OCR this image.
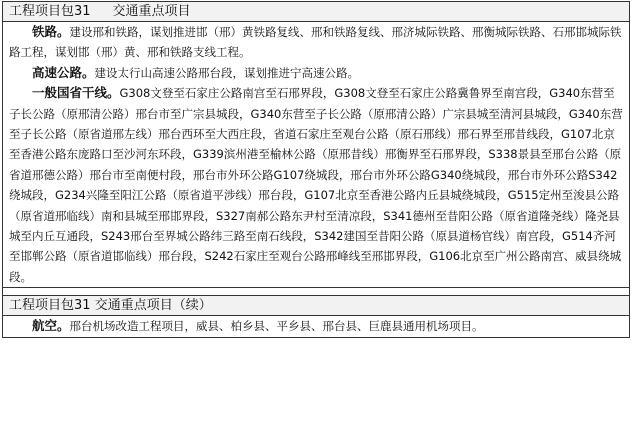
工程项目包31 交通重点项目

铁路。建设邢和铁路，谋划推进邯（邢）黄铁路复线、邢和铁路复线、邢济城际铁路、邢衡城际铁路、石邢邯城际铁路工程，谋划邯（邢）黄、邢和铁路支线工程。

高速公路。建设太行山高速公路邢台段，谋划推进宁高速公路。

一般国省干线。G308文登至石家庄公路南宫至石邢界段，G308文登至石家庄公路冀鲁界至南宫段，G340东营至子长公路（原邢清公路）邢台市至广宗县城段，G340东营至子长公路（原邢清公路）广宗县城至清河县城段，G340东营至子长公路（原省道邢左线）邢台西环至大西庄段，省道石家庄至观台公路（原石邢线）邢石界至邢昔线段，G107北京至香港公路东庞路口至沙河东环段，G339滨州港至榆林公路（原邢昔线）邢衡界至石邢界段，S338景县至邢台公路（原省道邢德公路）邢台市至南便村段，邢台市外环公路G107绕城段，邢台市外环公路G340绕城段，邢台市外环公路S342绕城段，G234兴隆至阳江公路（原省道平涉线）邢台段，G107北京至香港公路内丘县城绕城段，G515定州至浚县公路（原省道邢临线）南和县城至邢邯界段，S327南郝公路东尹村至清凉段，S341德州至昔阳公路（原省道隆尧线）隆尧县城至内丘互通段，S243邢台至界城公路纬三路至南石线段，S342建国至昔阳公路（原县道杨官线）南宫段，G514齐河至邯郸公路（原省道邯临线）邢台段，S242石家庄至观台公路邢峰线至邢邯界段，G106北京至广州公路南宫、威县绕城段。

工程项目包31 交通重点项目（续）

航空。邢台机场改造工程项目，威县、柏乡县、平乡县、邢台县、巨鹿县通用机场项目。
